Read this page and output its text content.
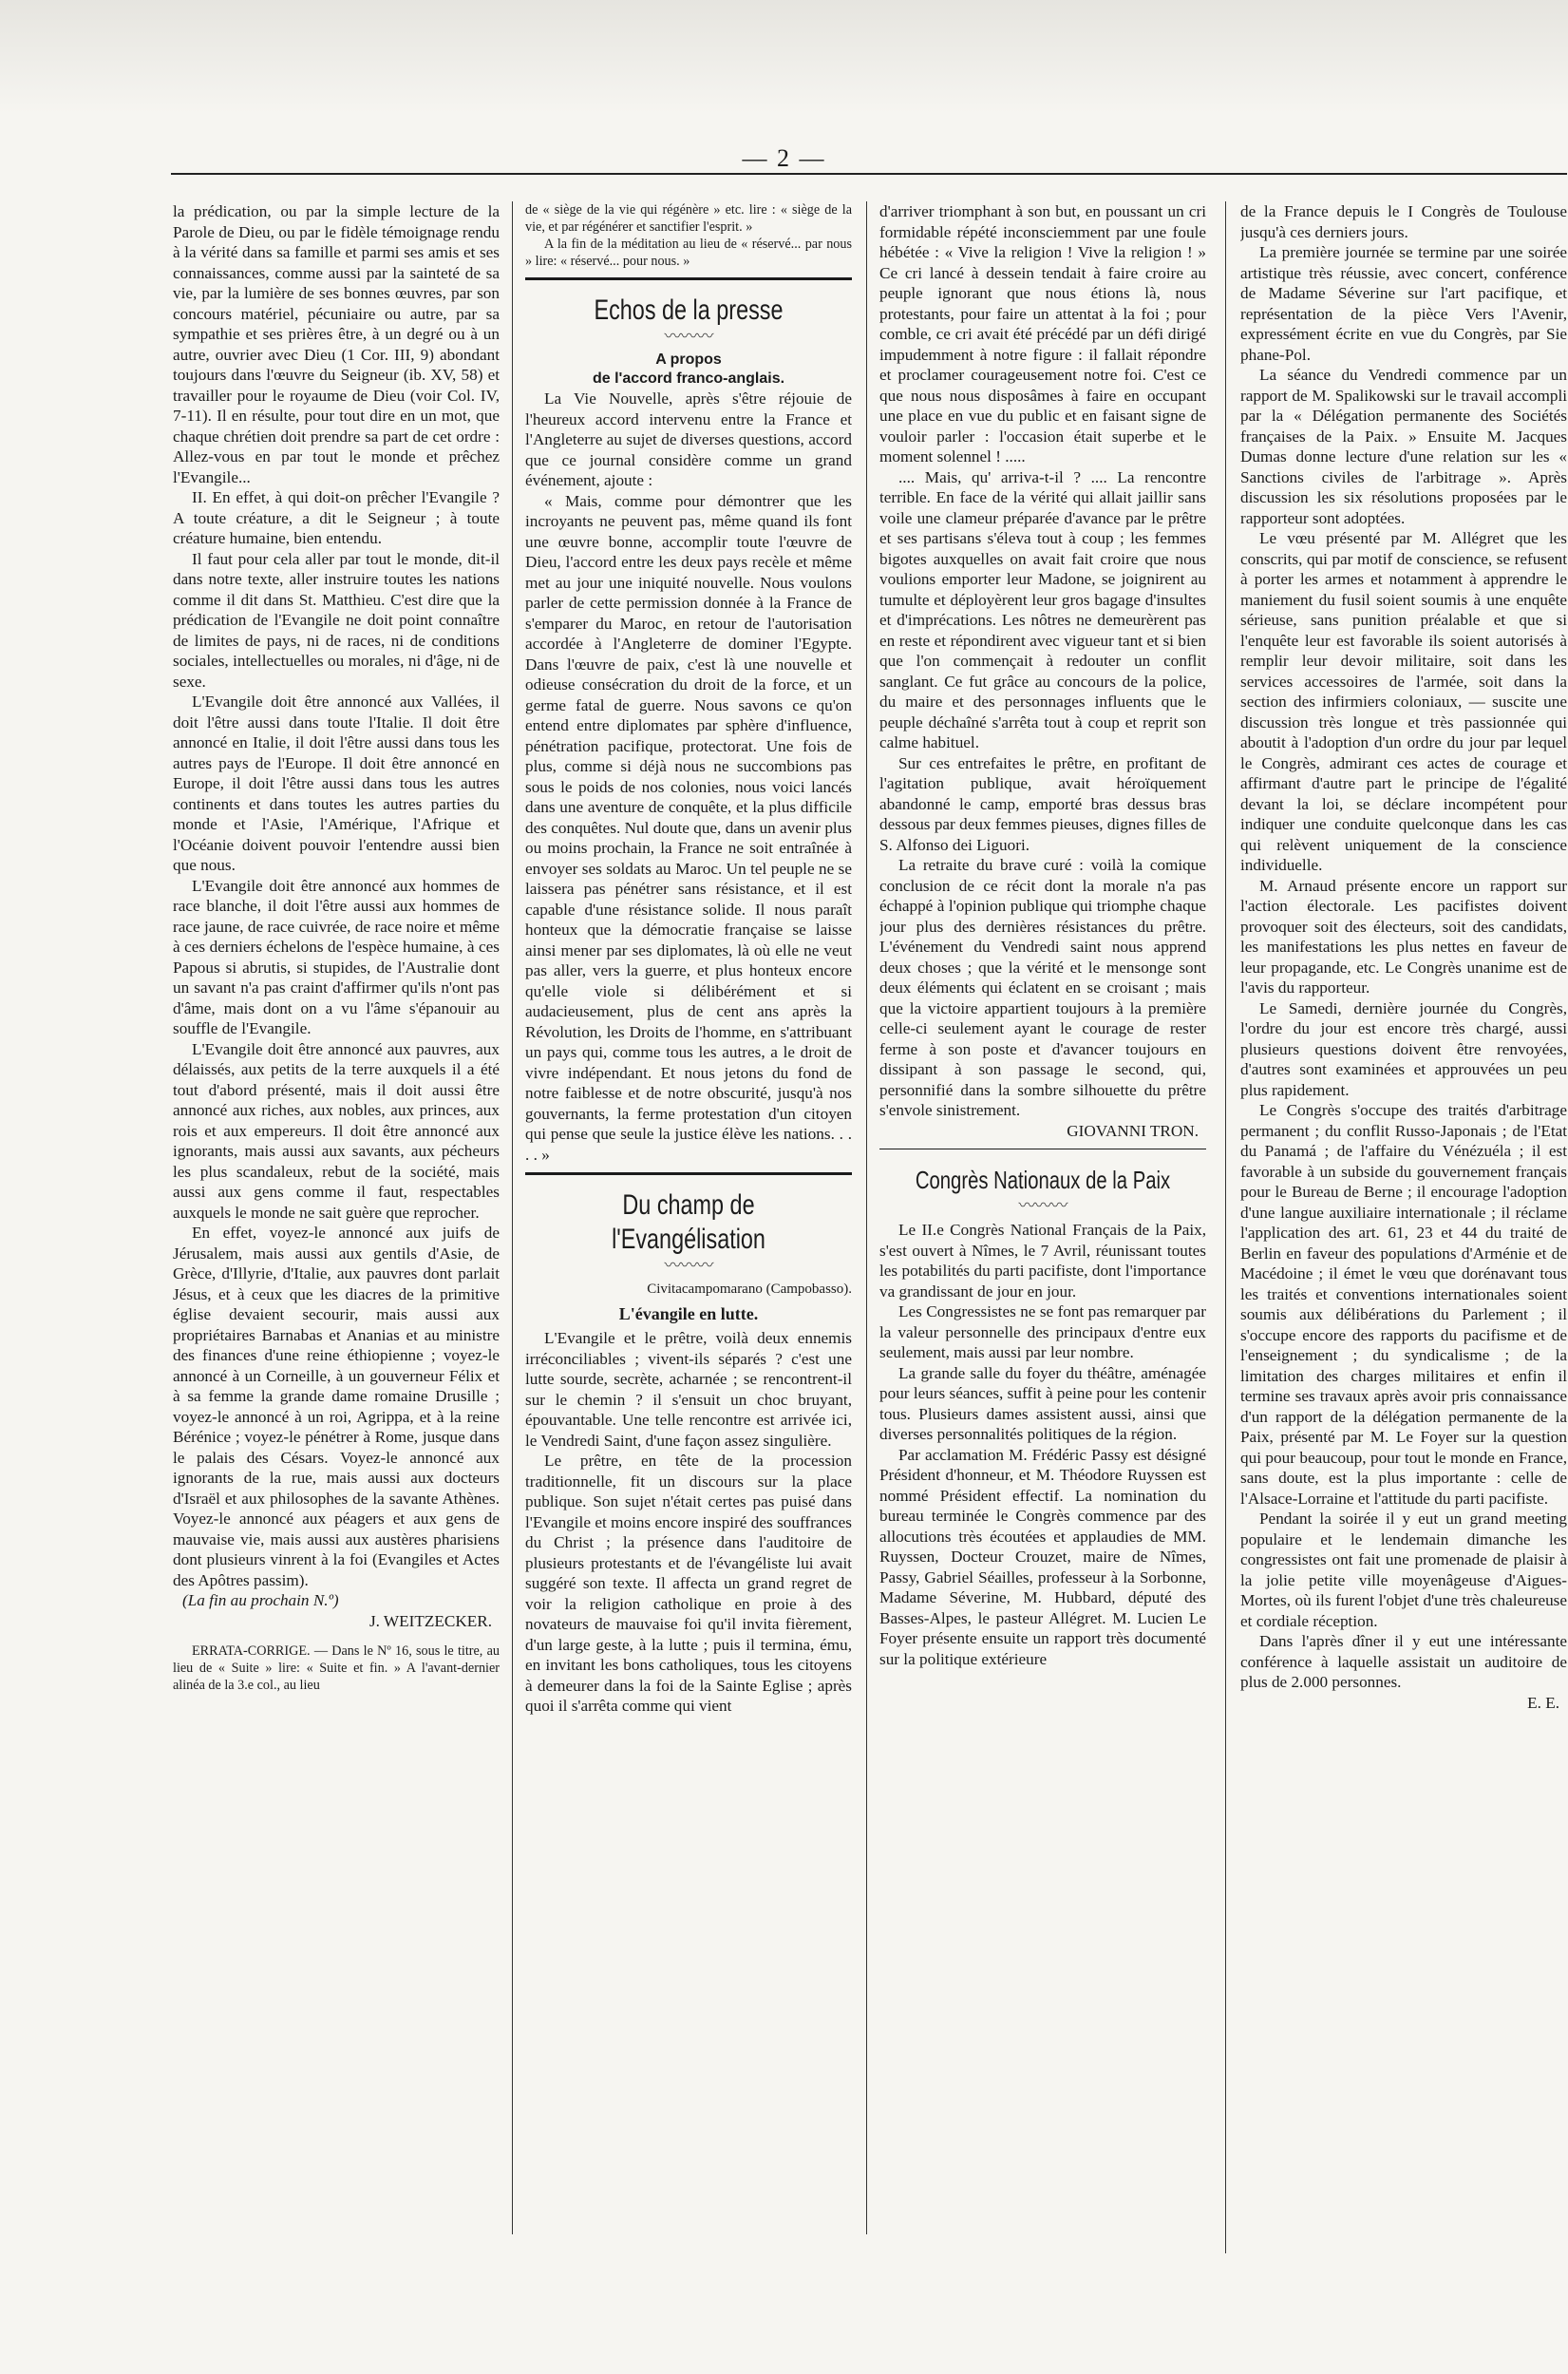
— 2 —

la prédication, ou par la simple lecture de la Parole de Dieu, ou par le fidèle témoignage rendu à la vérité dans sa famille et parmi ses amis et ses connaissances, comme aussi par la sainteté de sa vie, par la lumière de ses bonnes œuvres, par son concours matériel, pécuniaire ou autre, par sa sympathie et ses prières être, à un degré ou à un autre, ouvrier avec Dieu (1 Cor. III, 9) abondant toujours dans l'œuvre du Seigneur (ib. XV, 58) et travailler pour le royaume de Dieu (voir Col. IV, 7-11). Il en résulte, pour tout dire en un mot, que chaque chrétien doit prendre sa part de cet ordre : Allez-vous en par tout le monde et prêchez l'Evangile...

II. En effet, à qui doit-on prêcher l'Evangile ? A toute créature, a dit le Seigneur ; à toute créature humaine, bien entendu.

Il faut pour cela aller par tout le monde, dit-il dans notre texte, aller instruire toutes les nations comme il dit dans St. Matthieu. C'est dire que la prédication de l'Evangile ne doit point connaître de limites de pays, ni de races, ni de conditions sociales, intellectuelles ou morales, ni d'âge, ni de sexe.

L'Evangile doit être annoncé aux Vallées, il doit l'être aussi dans toute l'Italie. Il doit être annoncé en Italie, il doit l'être aussi dans tous les autres pays de l'Europe. Il doit être annoncé en Europe, il doit l'être aussi dans tous les autres continents et dans toutes les autres parties du monde et l'Asie, l'Amérique, l'Afrique et l'Océanie doivent pouvoir l'entendre aussi bien que nous.

L'Evangile doit être annoncé aux hommes de race blanche, il doit l'être aussi aux hommes de race jaune, de race cuivrée, de race noire et même à ces derniers échelons de l'espèce humaine, à ces Papous si abrutis, si stupides, de l'Australie dont un savant n'a pas craint d'affirmer qu'ils n'ont pas d'âme, mais dont on a vu l'âme s'épanouir au souffle de l'Evangile.

L'Evangile doit être annoncé aux pauvres, aux délaissés, aux petits de la terre auxquels il a été tout d'abord présenté, mais il doit aussi être annoncé aux riches, aux nobles, aux princes, aux rois et aux empereurs. Il doit être annoncé aux ignorants, mais aussi aux savants, aux pécheurs les plus scandaleux, rebut de la société, mais aussi aux gens comme il faut, respectables auxquels le monde ne sait guère que reprocher.

En effet, voyez-le annoncé aux juifs de Jérusalem, mais aussi aux gentils d'Asie, de Grèce, d'Illyrie, d'Italie, aux pauvres dont parlait Jésus, et à ceux que les diacres de la primitive église devaient secourir, mais aussi aux propriétaires Barnabas et Ananias et au ministre des finances d'une reine éthiopienne ; voyez-le annoncé à un Corneille, à un gouverneur Félix et à sa femme la grande dame romaine Drusille ; voyez-le annoncé à un roi, Agrippa, et à la reine Bérénice ; voyez-le pénétrer à Rome, jusque dans le palais des Césars. Voyez-le annoncé aux ignorants de la rue, mais aussi aux docteurs d'Israël et aux philosophes de la savante Athènes. Voyez-le annoncé aux péagers et aux gens de mauvaise vie, mais aussi aux austères pharisiens dont plusieurs vinrent à la foi (Evangiles et Actes des Apôtres passim).

(La fin au prochain N.º)

J. WEITZECKER.

ERRATA-CORRIGE. — Dans le Nº 16, sous le titre, au lieu de « Suite » lire: « Suite et fin. » A l'avant-dernier alinéa de la 3.e col., au lieu

de « siège de la vie qui régénère » etc. lire : « siège de la vie, et par régénérer et sanctifier l'esprit. »

A la fin de la méditation au lieu de « réservé... par nous » lire: « réservé... pour nous. »

Echos de la presse
〰〰〰
A propos
de l'accord franco-anglais.

La Vie Nouvelle, après s'être réjouie de l'heureux accord intervenu entre la France et l'Angleterre au sujet de diverses questions, accord que ce journal considère comme un grand événement, ajoute :

« Mais, comme pour démontrer que les incroyants ne peuvent pas, même quand ils font une œuvre bonne, accomplir toute l'œuvre de Dieu, l'accord entre les deux pays recèle et même met au jour une iniquité nouvelle. Nous voulons parler de cette permission donnée à la France de s'emparer du Maroc, en retour de l'autorisation accordée à l'Angleterre de dominer l'Egypte. Dans l'œuvre de paix, c'est là une nouvelle et odieuse consécration du droit de la force, et un germe fatal de guerre. Nous savons ce qu'on entend entre diplomates par sphère d'influence, pénétration pacifique, protectorat. Une fois de plus, comme si déjà nous ne succombions pas sous le poids de nos colonies, nous voici lancés dans une aventure de conquête, et la plus difficile des conquêtes. Nul doute que, dans un avenir plus ou moins prochain, la France ne soit entraînée à envoyer ses soldats au Maroc. Un tel peuple ne se laissera pas pénétrer sans résistance, et il est capable d'une résistance solide. Il nous paraît honteux que la démocratie française se laisse ainsi mener par ses diplomates, là où elle ne veut pas aller, vers la guerre, et plus honteux encore qu'elle viole si délibérément et si audacieusement, plus de cent ans après la Révolution, les Droits de l'homme, en s'attribuant un pays qui, comme tous les autres, a le droit de vivre indépendant. Et nous jetons du fond de notre faiblesse et de notre obscurité, jusqu'à nos gouvernants, la ferme protestation d'un citoyen qui pense que seule la justice élève les nations. . . . . »

Du champ de l'Evangélisation
〰〰〰

Civitacampomarano (Campobasso).

L'évangile en lutte.

L'Evangile et le prêtre, voilà deux ennemis irréconciliables ; vivent-ils séparés ? c'est une lutte sourde, secrète, acharnée ; se rencontrent-il sur le chemin ? il s'ensuit un choc bruyant, épouvantable. Une telle rencontre est arrivée ici, le Vendredi Saint, d'une façon assez singulière.

Le prêtre, en tête de la procession traditionnelle, fit un discours sur la place publique. Son sujet n'était certes pas puisé dans l'Evangile et moins encore inspiré des souffrances du Christ ; la présence dans l'auditoire de plusieurs protestants et de l'évangéliste lui avait suggéré son texte. Il affecta un grand regret de voir la religion catholique en proie à des novateurs de mauvaise foi qu'il invita fièrement, d'un large geste, à la lutte ; puis il termina, ému, en invitant les bons catholiques, tous les citoyens à demeurer dans la foi de la Sainte Eglise ; après quoi il s'arrêta comme qui vient

d'arriver triomphant à son but, en poussant un cri formidable répété inconsciemment par une foule hébétée : « Vive la religion ! Vive la religion ! » Ce cri lancé à dessein tendait à faire croire au peuple ignorant que nous étions là, nous protestants, pour faire un attentat à la foi ; pour comble, ce cri avait été précédé par un défi dirigé impudemment à notre figure : il fallait répondre et proclamer courageusement notre foi. C'est ce que nous nous disposâmes à faire en occupant une place en vue du public et en faisant signe de vouloir parler : l'occasion était superbe et le moment solennel ! .....

.... Mais, qu' arriva-t-il ? .... La rencontre terrible. En face de la vérité qui allait jaillir sans voile une clameur préparée d'avance par le prêtre et ses partisans s'éleva tout à coup ; les femmes bigotes auxquelles on avait fait croire que nous voulions emporter leur Madone, se joignirent au tumulte et déployèrent leur gros bagage d'insultes et d'imprécations. Les nôtres ne demeurèrent pas en reste et répondirent avec vigueur tant et si bien que l'on commençait à redouter un conflit sanglant. Ce fut grâce au concours de la police, du maire et des personnages influents que le peuple déchaîné s'arrêta tout à coup et reprit son calme habituel.

Sur ces entrefaites le prêtre, en profitant de l'agitation publique, avait héroïquement abandonné le camp, emporté bras dessus bras dessous par deux femmes pieuses, dignes filles de S. Alfonso dei Liguori.

La retraite du brave curé : voilà la comique conclusion de ce récit dont la morale n'a pas échappé à l'opinion publique qui triomphe chaque jour plus des dernières résistances du prêtre. L'événement du Vendredi saint nous apprend deux choses ; que la vérité et le mensonge sont deux éléments qui éclatent en se croisant ; mais que la victoire appartient toujours à la première celle-ci seulement ayant le courage de rester ferme à son poste et d'avancer toujours en dissipant à son passage le second, qui, personnifié dans la sombre silhouette du prêtre s'envole sinistrement.

GIOVANNI TRON.

Congrès Nationaux de la Paix
〰〰〰

Le II.e Congrès National Français de la Paix, s'est ouvert à Nîmes, le 7 Avril, réunissant toutes les potabilités du parti pacifiste, dont l'importance va grandissant de jour en jour.

Les Congressistes ne se font pas remarquer par la valeur personnelle des principaux d'entre eux seulement, mais aussi par leur nombre.

La grande salle du foyer du théâtre, aménagée pour leurs séances, suffit à peine pour les contenir tous. Plusieurs dames assistent aussi, ainsi que diverses personnalités politiques de la région.

Par acclamation M. Frédéric Passy est désigné Président d'honneur, et M. Théodore Ruyssen est nommé Président effectif. La nomination du bureau terminée le Congrès commence par des allocutions très écoutées et applaudies de MM. Ruyssen, Docteur Crouzet, maire de Nîmes, Passy, Gabriel Séailles, professeur à la Sorbonne, Madame Séverine, M. Hubbard, député des Basses-Alpes, le pasteur Allégret. M. Lucien Le Foyer présente ensuite un rapport très documenté sur la politique extérieure

de la France depuis le I Congrès de Toulouse jusqu'à ces derniers jours.

La première journée se termine par une soirée artistique très réussie, avec concert, conférence de Madame Séverine sur l'art pacifique, et représentation de la pièce Vers l'Avenir, expressément écrite en vue du Congrès, par Sie phane-Pol.

La séance du Vendredi commence par un rapport de M. Spalikowski sur le travail accompli par la « Délégation permanente des Sociétés françaises de la Paix. » Ensuite M. Jacques Dumas donne lecture d'une relation sur les « Sanctions civiles de l'arbitrage ». Après discussion les six résolutions proposées par le rapporteur sont adoptées.

Le vœu présenté par M. Allégret que les conscrits, qui par motif de conscience, se refusent à porter les armes et notamment à apprendre le maniement du fusil soient soumis à une enquête sérieuse, sans punition préalable et que si l'enquête leur est favorable ils soient autorisés à remplir leur devoir militaire, soit dans les services accessoires de l'armée, soit dans la section des infirmiers coloniaux, — suscite une discussion très longue et très passionnée qui aboutit à l'adoption d'un ordre du jour par lequel le Congrès, admirant ces actes de courage et affirmant d'autre part le principe de l'égalité devant la loi, se déclare incompétent pour indiquer une conduite quelconque dans les cas qui relèvent uniquement de la conscience individuelle.

M. Arnaud présente encore un rapport sur l'action électorale. Les pacifistes doivent provoquer soit des électeurs, soit des candidats, les manifestations les plus nettes en faveur de leur propagande, etc. Le Congrès unanime est de l'avis du rapporteur.

Le Samedi, dernière journée du Congrès, l'ordre du jour est encore très chargé, aussi plusieurs questions doivent être renvoyées, d'autres sont examinées et approuvées un peu plus rapidement.

Le Congrès s'occupe des traités d'arbitrage permanent ; du conflit Russo-Japonais ; de l'Etat du Panamá ; de l'affaire du Vénézuéla ; il est favorable à un subside du gouvernement français pour le Bureau de Berne ; il encourage l'adoption d'une langue auxiliaire internationale ; il réclame l'application des art. 61, 23 et 44 du traité de Berlin en faveur des populations d'Arménie et de Macédoine ; il émet le vœu que dorénavant tous les traités et conventions internationales soient soumis aux délibérations du Parlement ; il s'occupe encore des rapports du pacifisme et de l'enseignement ; du syndicalisme ; de la limitation des charges militaires et enfin il termine ses travaux après avoir pris connaissance d'un rapport de la délégation permanente de la Paix, présenté par M. Le Foyer sur la question qui pour beaucoup, pour tout le monde en France, sans doute, est la plus importante : celle de l'Alsace-Lorraine et l'attitude du parti pacifiste.

Pendant la soirée il y eut un grand meeting populaire et le lendemain dimanche les congressistes ont fait une promenade de plaisir à la jolie petite ville moyenâgeuse d'Aigues-Mortes, où ils furent l'objet d'une très chaleureuse et cordiale réception.

Dans l'après dîner il y eut une intéressante conférence à laquelle assistait un auditoire de plus de 2.000 personnes.

E. E.
